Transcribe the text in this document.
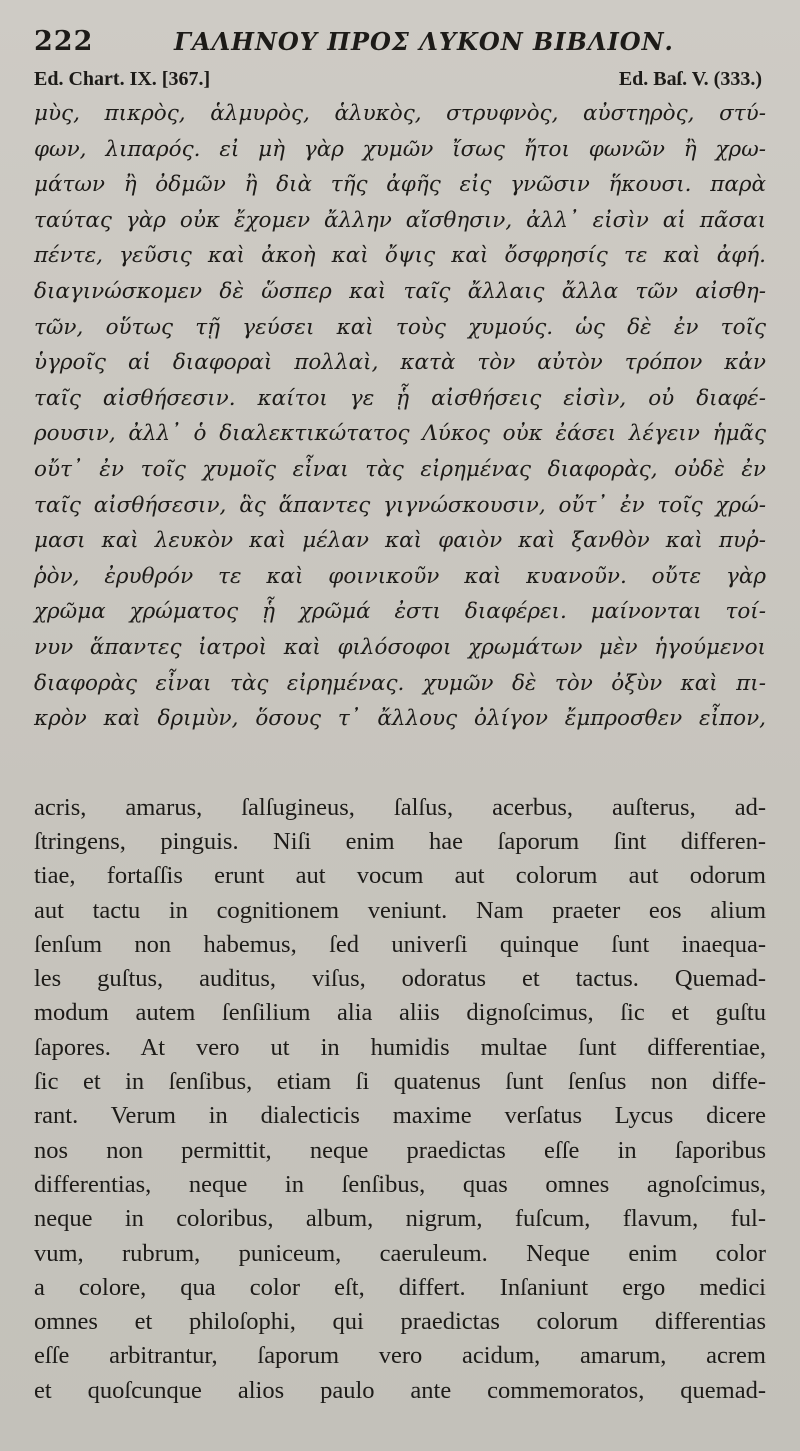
222	ΓΑΛΗΝΟΥ ΠΡΟΣ ΛΥΚΟΝ ΒΙΒΛΙΟΝ.
Ed. Chart. IX. [367.]	Ed. Baſ. V. (333.)
μὺς, πικρὸς, ἁλμυρὸς, ἁλυκὸς, στρυφνὸς, αὐστηρὸς, στύ-
φων, λιπαρός. εἰ μὴ γὰρ χυμῶν ἴσως ἤτοι φωνῶν ἢ χρω-
μάτων ἢ ὀδμῶν ἢ διὰ τῆς ἀφῆς εἰς γνῶσιν ἥκουσι. παρὰ
ταύτας γὰρ οὐκ ἔχομεν ἄλλην αἴσθησιν, ἀλλ᾽ εἰσὶν αἱ πᾶσαι
πέντε, γεῦσις καὶ ἀκοὴ καὶ ὄψις καὶ ὄσφρησίς τε καὶ ἀφή.
διαγινώσκομεν δὲ ὥσπερ καὶ ταῖς ἄλλαις ἄλλα τῶν αἰσθη-
τῶν, οὕτως τῇ γεύσει καὶ τοὺς χυμούς. ὡς δὲ ἐν τοῖς
ὑγροῖς αἱ διαφοραὶ πολλαὶ, κατὰ τὸν αὐτὸν τρόπον κἀν
ταῖς αἰσθήσεσιν. καίτοι γε ᾗ αἰσθήσεις εἰσὶν, οὐ διαφέ-
ρουσιν, ἀλλ᾽ ὁ διαλεκτικώτατος Λύκος οὐκ ἐάσει λέγειν ἡμᾶς
οὔτ᾽ ἐν τοῖς χυμοῖς εἶναι τὰς εἰρημένας διαφορὰς, οὐδὲ ἐν
ταῖς αἰσθήσεσιν, ἃς ἅπαντες γιγνώσκουσιν, οὔτ᾽ ἐν τοῖς χρώ-
μασι καὶ λευκὸν καὶ μέλαν καὶ φαιὸν καὶ ξανθὸν καὶ πυῤ-
ῥὸν, ἐρυθρόν τε καὶ φοινικοῦν καὶ κυανοῦν. οὔτε γὰρ
χρῶμα χρώματος ᾗ χρῶμά ἐστι διαφέρει. μαίνονται τοί-
νυν ἅπαντες ἰατροὶ καὶ φιλόσοφοι χρωμάτων μὲν ἡγούμενοι
διαφορὰς εἶναι τὰς εἰρημένας. χυμῶν δὲ τὸν ὀξὺν καὶ πι-
κρὸν καὶ δριμὺν, ὅσους τ᾽ ἄλλους ὀλίγον ἔμπροσθεν εἶπον,
acris, amarus, ſalſugineus, ſalſus, acerbus, auſterus, ad-
ſtringens, pinguis. Niſi enim hae ſaporum ſint differen-
tiae, fortaſſis erunt aut vocum aut colorum aut odorum
aut tactu in cognitionem veniunt. Nam praeter eos alium
ſenſum non habemus, ſed univerſi quinque ſunt inaequa-
les guſtus, auditus, viſus, odoratus et tactus. Quemad-
modum autem ſenſilium alia aliis dignoſcimus, ſic et guſtu
ſapores. At vero ut in humidis multae ſunt differentiae,
ſic et in ſenſibus, etiam ſi quatenus ſunt ſenſus non diffe-
rant. Verum in dialecticis maxime verſatus Lycus dicere
nos non permittit, neque praedictas eſſe in ſaporibus
differentias, neque in ſenſibus, quas omnes agnoſcimus,
neque in coloribus, album, nigrum, fuſcum, flavum, ful-
vum, rubrum, puniceum, caeruleum. Neque enim color
a colore, qua color eſt, differt. Inſaniunt ergo medici
omnes et philoſophi, qui praedictas colorum differentias
eſſe arbitrantur, ſaporum vero acidum, amarum, acrem
et quoſcunque alios paulo ante commemoratos, quemad-
